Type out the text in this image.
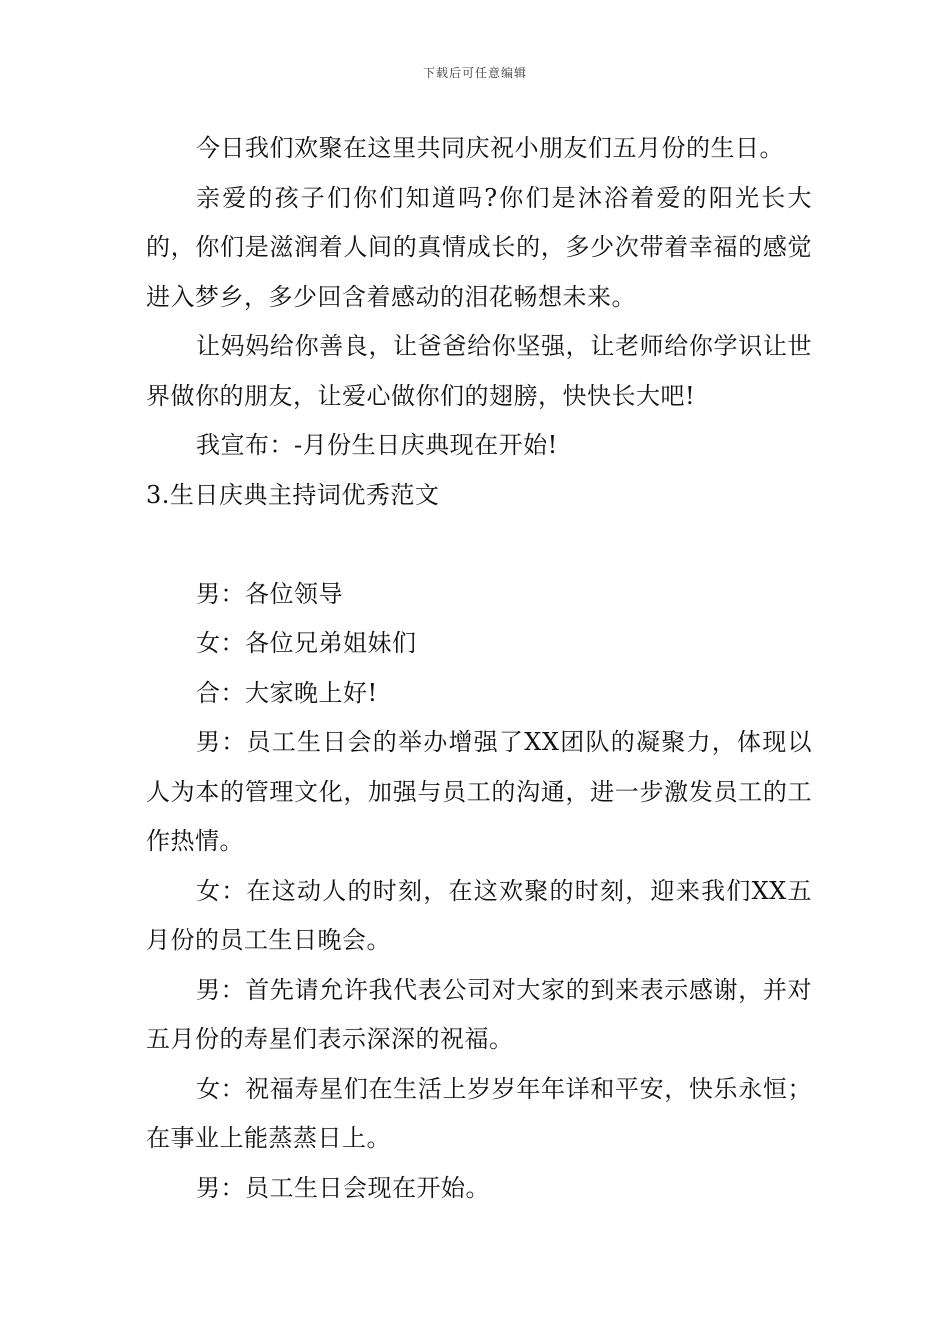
下载后可任意编辑

今日我们欢聚在这里共同庆祝小朋友们五月份的生日。

亲爱的孩子们你们知道吗?你们是沐浴着爱的阳光长大的，你们是滋润着人间的真情成长的，多少次带着幸福的感觉进入梦乡，多少回含着感动的泪花畅想未来。

让妈妈给你善良，让爸爸给你坚强，让老师给你学识让世界做你的朋友，让爱心做你们的翅膀，快快长大吧!

我宣布：-月份生日庆典现在开始!

3.生日庆典主持词优秀范文

男：各位领导

女：各位兄弟姐妹们

合：大家晚上好!

男：员工生日会的举办增强了XX团队的凝聚力，体现以人为本的管理文化，加强与员工的沟通，进一步激发员工的工作热情。

女：在这动人的时刻，在这欢聚的时刻，迎来我们XX五月份的员工生日晚会。

男：首先请允许我代表公司对大家的到来表示感谢，并对五月份的寿星们表示深深的祝福。

女：祝福寿星们在生活上岁岁年年详和平安，快乐永恒；在事业上能蒸蒸日上。

男：员工生日会现在开始。
